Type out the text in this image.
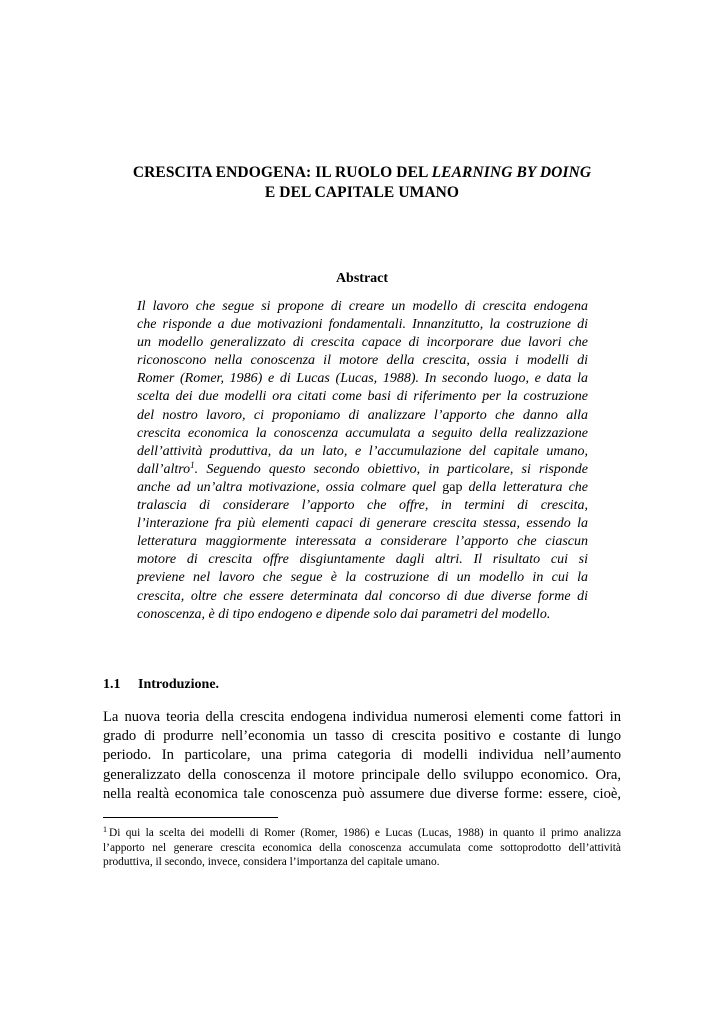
CRESCITA ENDOGENA: IL RUOLO DEL LEARNING BY DOING
E DEL CAPITALE UMANO
Abstract
Il lavoro che segue si propone di creare un modello di crescita endogena
che risponde a due motivazioni fondamentali. Innanzitutto, la costruzione di
un modello generalizzato di crescita capace di incorporare due lavori che
riconoscono nella conoscenza il motore della crescita, ossia i modelli di
Romer (Romer, 1986) e di Lucas (Lucas, 1988). In secondo luogo, e data la
scelta dei due modelli ora citati come basi di riferimento per la costruzione
del nostro lavoro, ci proponiamo di analizzare l’apporto che danno alla
crescita economica la conoscenza accumulata a seguito della realizzazione
dell’attività produttiva, da un lato, e l’accumulazione del capitale umano,
dall’altro$^1$. Seguendo questo secondo obiettivo, in particolare, si risponde
anche ad un’altra motivazione, ossia colmare quel gap della letteratura che
tralascia di considerare l’apporto che offre, in termini di crescita,
l’interazione fra più elementi capaci di generare crescita stessa, essendo la
letteratura maggiormente interessata a considerare l’apporto che ciascun
motore di crescita offre disgiuntamente dagli altri. Il risultato cui si
previene nel lavoro che segue è la costruzione di un modello in cui la
crescita, oltre che essere determinata dal concorso di due diverse forme di
conoscenza, è di tipo endogeno e dipende solo dai parametri del modello.
1.1 Introduzione.
La nuova teoria della crescita endogena individua numerosi elementi come fattori in
grado di produrre nell’economia un tasso di crescita positivo e costante di lungo
periodo. In particolare, una prima categoria di modelli individua nell’aumento
generalizzato della conoscenza il motore principale dello sviluppo economico. Ora,
nella realtà economica tale conoscenza può assumere due diverse forme: essere, cioè,
$^1$ Di qui la scelta dei modelli di Romer (Romer, 1986) e Lucas (Lucas, 1988) in quanto il primo analizza
l’apporto nel generare crescita economica della conoscenza accumulata come sottoprodotto dell’attività
produttiva, il secondo, invece, considera l’importanza del capitale umano.
